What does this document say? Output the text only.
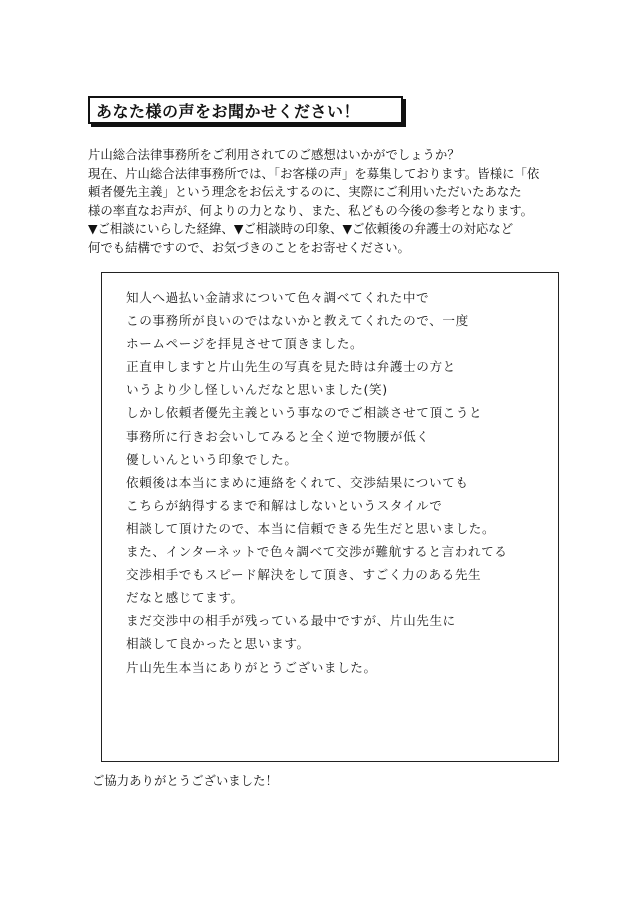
あなた様の声をお聞かせください！
片山総合法律事務所をご利用されてのご感想はいかがでしょうか？
現在、片山総合法律事務所では、「お客様の声」を募集しております。皆様に「依
頼者優先主義」という理念をお伝えするのに、実際にご利用いただいたあなた
様の率直なお声が、何よりの力となり、また、私どもの今後の参考となります。
▼ご相談にいらした経緯、▼ご相談時の印象、▼ご依頼後の弁護士の対応など
何でも結構ですので、お気づきのことをお寄せください。
知人へ過払い金請求について色々調べてくれた中で
この事務所が良いのではないかと教えてくれたので、一度
ホームページを拝見させて頂きました。
正直申しますと片山先生の写真を見た時は弁護士の方と
いうより少し怪しいんだなと思いました(笑)
しかし依頼者優先主義という事なのでご相談させて頂こうと
事務所に行きお会いしてみると全く逆で物腰が低く
優しいんという印象でした。
依頼後は本当にまめに連絡をくれて、交渉結果についても
こちらが納得するまで和解はしないというスタイルで
相談して頂けたので、本当に信頼できる先生だと思いました。
また、インターネットで色々調べて交渉が難航すると言われてる
交渉相手でもスピード解決をして頂き、すごく力のある先生
だなと感じてます。
まだ交渉中の相手が残っている最中ですが、片山先生に
相談して良かったと思います。
片山先生本当にありがとうございました。
ご協力ありがとうございました！
